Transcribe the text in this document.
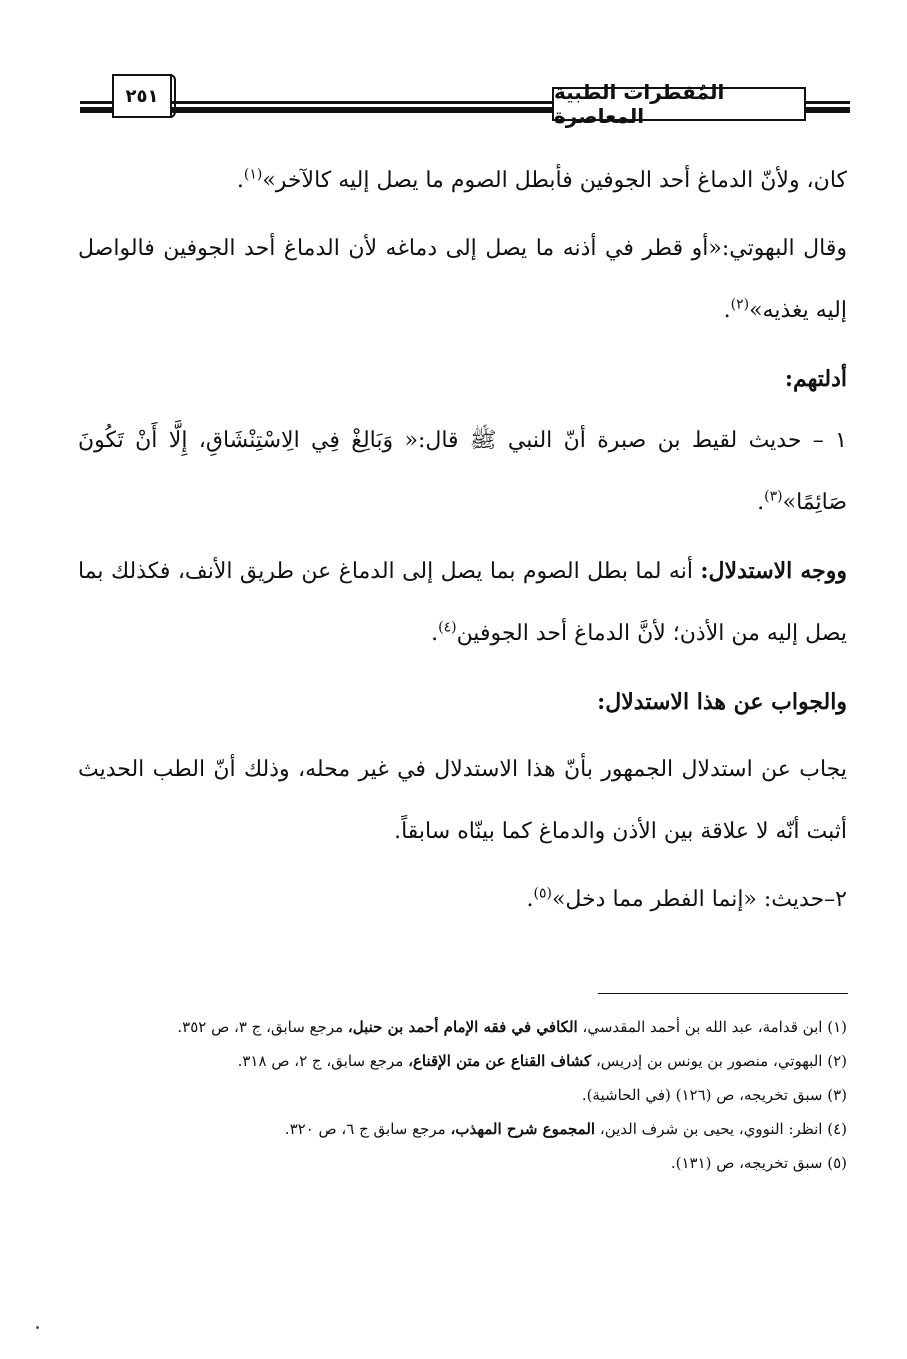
المُفطرات الطبية المعاصرة
٢٥١

كان، ولأنّ الدماغ أحد الجوفين فأبطل الصوم ما يصل إليه كالآخر»$^{(١)}$.

وقال البهوتي:«أو قطر في أذنه ما يصل إلى دماغه لأن الدماغ أحد الجوفين فالواصل إليه يغذيه»$^{(٢)}$.

أدلتهم:

١ – حديث لقيط بن صبرة أنّ النبي ﷺ قال:« وَبَالِغْ فِي الِاسْتِنْشَاقِ، إِلَّا أَنْ تَكُونَ صَائِمًا»$^{(٣)}$.

ووجه الاستدلال: أنه لما بطل الصوم بما يصل إلى الدماغ عن طريق الأنف، فكذلك بما يصل إليه من الأذن؛ لأنَّ الدماغ أحد الجوفين$^{(٤)}$.

والجواب عن هذا الاستدلال:

يجاب عن استدلال الجمهور بأنّ هذا الاستدلال في غير محله، وذلك أنّ الطب الحديث أثبت أنّه لا علاقة بين الأذن والدماغ كما بينّاه سابقاً.

٢–حديث: «إنما الفطر مما دخل»$^{(٥)}$.

(١) ابن قدامة، عبد الله بن أحمد المقدسي، الكافي في فقه الإمام أحمد بن حنبل، مرجع سابق، ج ٣، ص ٣٥٢.

(٢) البهوتي، منصور بن يونس بن إدريس، كشاف القناع عن متن الإقناع، مرجع سابق، ج ٢، ص ٣١٨.

(٣) سبق تخريجه، ص (١٢٦) (في الحاشية).

(٤) انظر: النووي، يحيى بن شرف الدين، المجموع شرح المهذب، مرجع سابق ج ٦، ص ٣٢٠.

(٥) سبق تخريجه، ص (١٣١).
